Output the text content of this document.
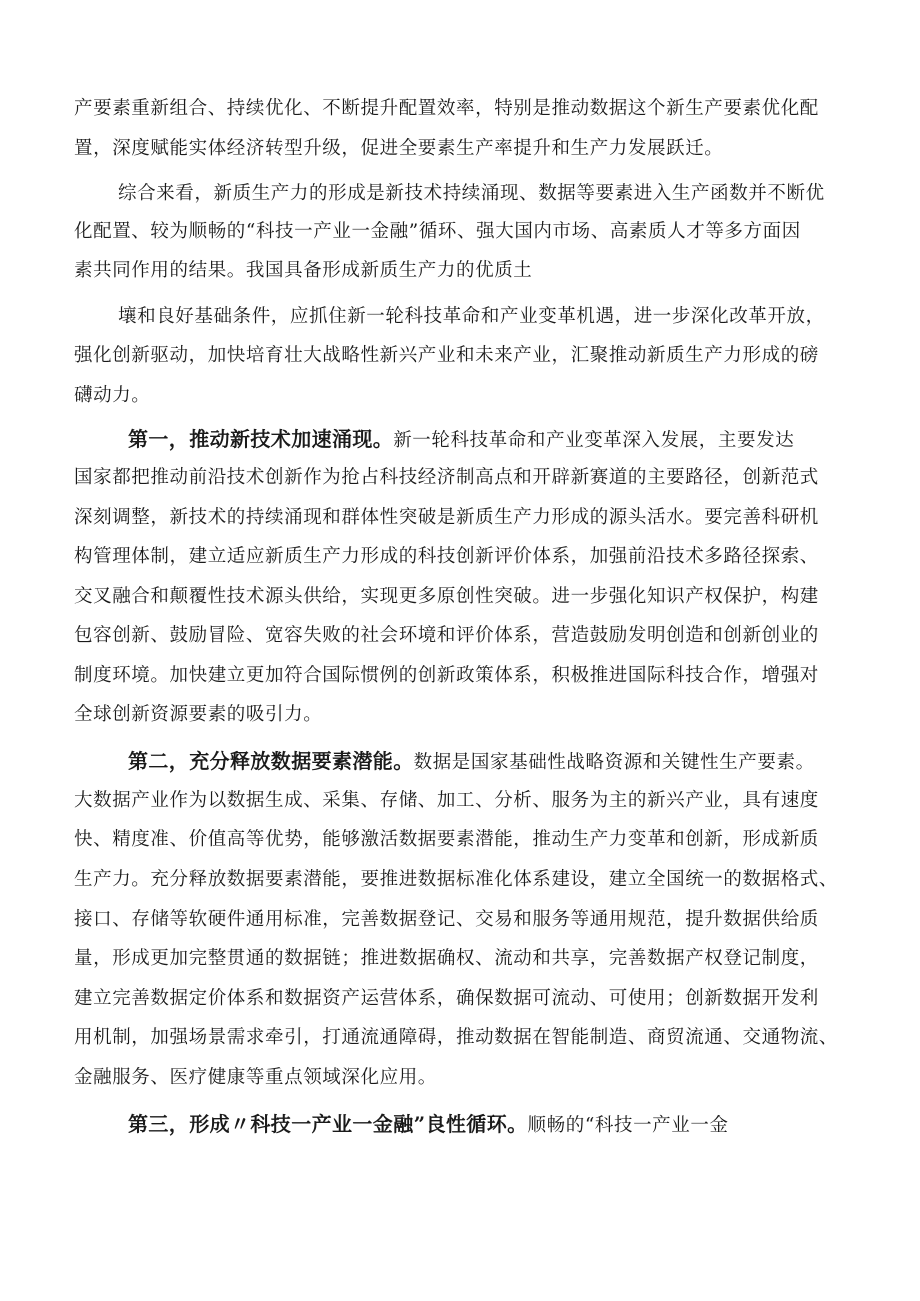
产要素重新组合、持续优化、不断提升配置效率，特别是推动数据这个新生产要素优化配
置，深度赋能实体经济转型升级，促进全要素生产率提升和生产力发展跃迁。
综合来看，新质生产力的形成是新技术持续涌现、数据等要素进入生产函数并不断优
化配置、较为顺畅的“科技一产业一金融”循环、强大国内市场、高素质人才等多方面因
素共同作用的结果。我国具备形成新质生产力的优质土
壤和良好基础条件，应抓住新一轮科技革命和产业变革机遇，进一步深化改革开放，
强化创新驱动，加快培育壮大战略性新兴产业和未来产业，汇聚推动新质生产力形成的磅
礴动力。
第一，推动新技术加速涌现。新一轮科技革命和产业变革深入发展，主要发达
国家都把推动前沿技术创新作为抢占科技经济制高点和开辟新赛道的主要路径，创新范式
深刻调整，新技术的持续涌现和群体性突破是新质生产力形成的源头活水。要完善科研机
构管理体制，建立适应新质生产力形成的科技创新评价体系，加强前沿技术多路径探索、
交叉融合和颠覆性技术源头供给，实现更多原创性突破。进一步强化知识产权保护，构建
包容创新、鼓励冒险、宽容失败的社会环境和评价体系，营造鼓励发明创造和创新创业的
制度环境。加快建立更加符合国际惯例的创新政策体系，积极推进国际科技合作，增强对
全球创新资源要素的吸引力。
第二，充分释放数据要素潜能。数据是国家基础性战略资源和关键性生产要素。
大数据产业作为以数据生成、采集、存储、加工、分析、服务为主的新兴产业，具有速度
快、精度准、价值高等优势，能够激活数据要素潜能，推动生产力变革和创新，形成新质
生产力。充分释放数据要素潜能，要推进数据标准化体系建设，建立全国统一的数据格式、
接口、存储等软硬件通用标准，完善数据登记、交易和服务等通用规范，提升数据供给质
量，形成更加完整贯通的数据链；推进数据确权、流动和共享，完善数据产权登记制度，
建立完善数据定价体系和数据资产运营体系，确保数据可流动、可使用；创新数据开发利
用机制，加强场景需求牵引，打通流通障碍，推动数据在智能制造、商贸流通、交通物流、
金融服务、医疗健康等重点领域深化应用。
第三，形成〃科技一产业一金融”良性循环。顺畅的“科技一产业一金
